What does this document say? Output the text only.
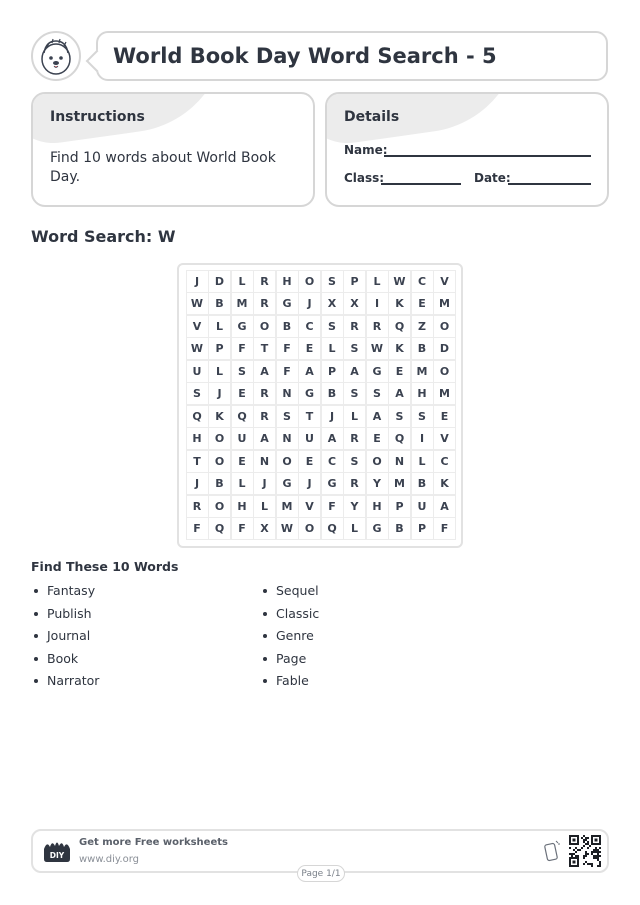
World Book Day Word Search - 5
Instructions
Find 10 words about World Book Day.
Details
Name:
Class:	Date:
Word Search: W
J	D	L	R	H	O	S	P	L	W	C	V
W	B	M	R	G	J	X	X	I	K	E	M
V	L	G	O	B	C	S	R	R	Q	Z	O
W	P	F	T	F	E	L	S	W	K	B	D
U	L	S	A	F	A	P	A	G	E	M	O
S	J	E	R	N	G	B	S	S	A	H	M
Q	K	Q	R	S	T	J	L	A	S	S	E
H	O	U	A	N	U	A	R	E	Q	I	V
T	O	E	N	O	E	C	S	O	N	L	C
J	B	L	J	G	J	G	R	Y	M	B	K
R	O	H	L	M	V	F	Y	H	P	U	A
F	Q	F	X	W	O	Q	L	G	B	P	F
Find These 10 Words
Fantasy
Publish
Journal
Book
Narrator
Sequel
Classic
Genre
Page
Fable
DIY
Get more Free worksheets
www.diy.org
Page 1/1
